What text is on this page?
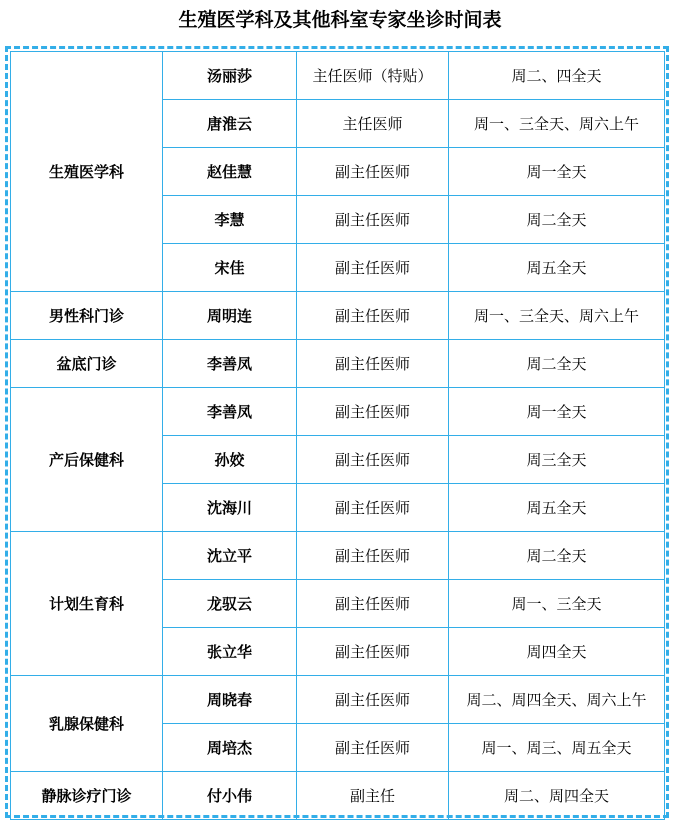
生殖医学科及其他科室专家坐诊时间表
生殖医学科	汤丽莎	主任医师（特贴）	周二、四全天
	唐淮云	主任医师	周一、三全天、周六上午
	赵佳慧	副主任医师	周一全天
	李慧	副主任医师	周二全天
	宋佳	副主任医师	周五全天
男性科门诊	周明连	副主任医师	周一、三全天、周六上午
盆底门诊	李善凤	副主任医师	周二全天
产后保健科	李善凤	副主任医师	周一全天
	孙姣	副主任医师	周三全天
	沈海川	副主任医师	周五全天
计划生育科	沈立平	副主任医师	周二全天
	龙驭云	副主任医师	周一、三全天
	张立华	副主任医师	周四全天
乳腺保健科	周晓春	副主任医师	周二、周四全天、周六上午
	周培杰	副主任医师	周一、周三、周五全天
静脉诊疗门诊	付小伟	副主任	周二、周四全天
